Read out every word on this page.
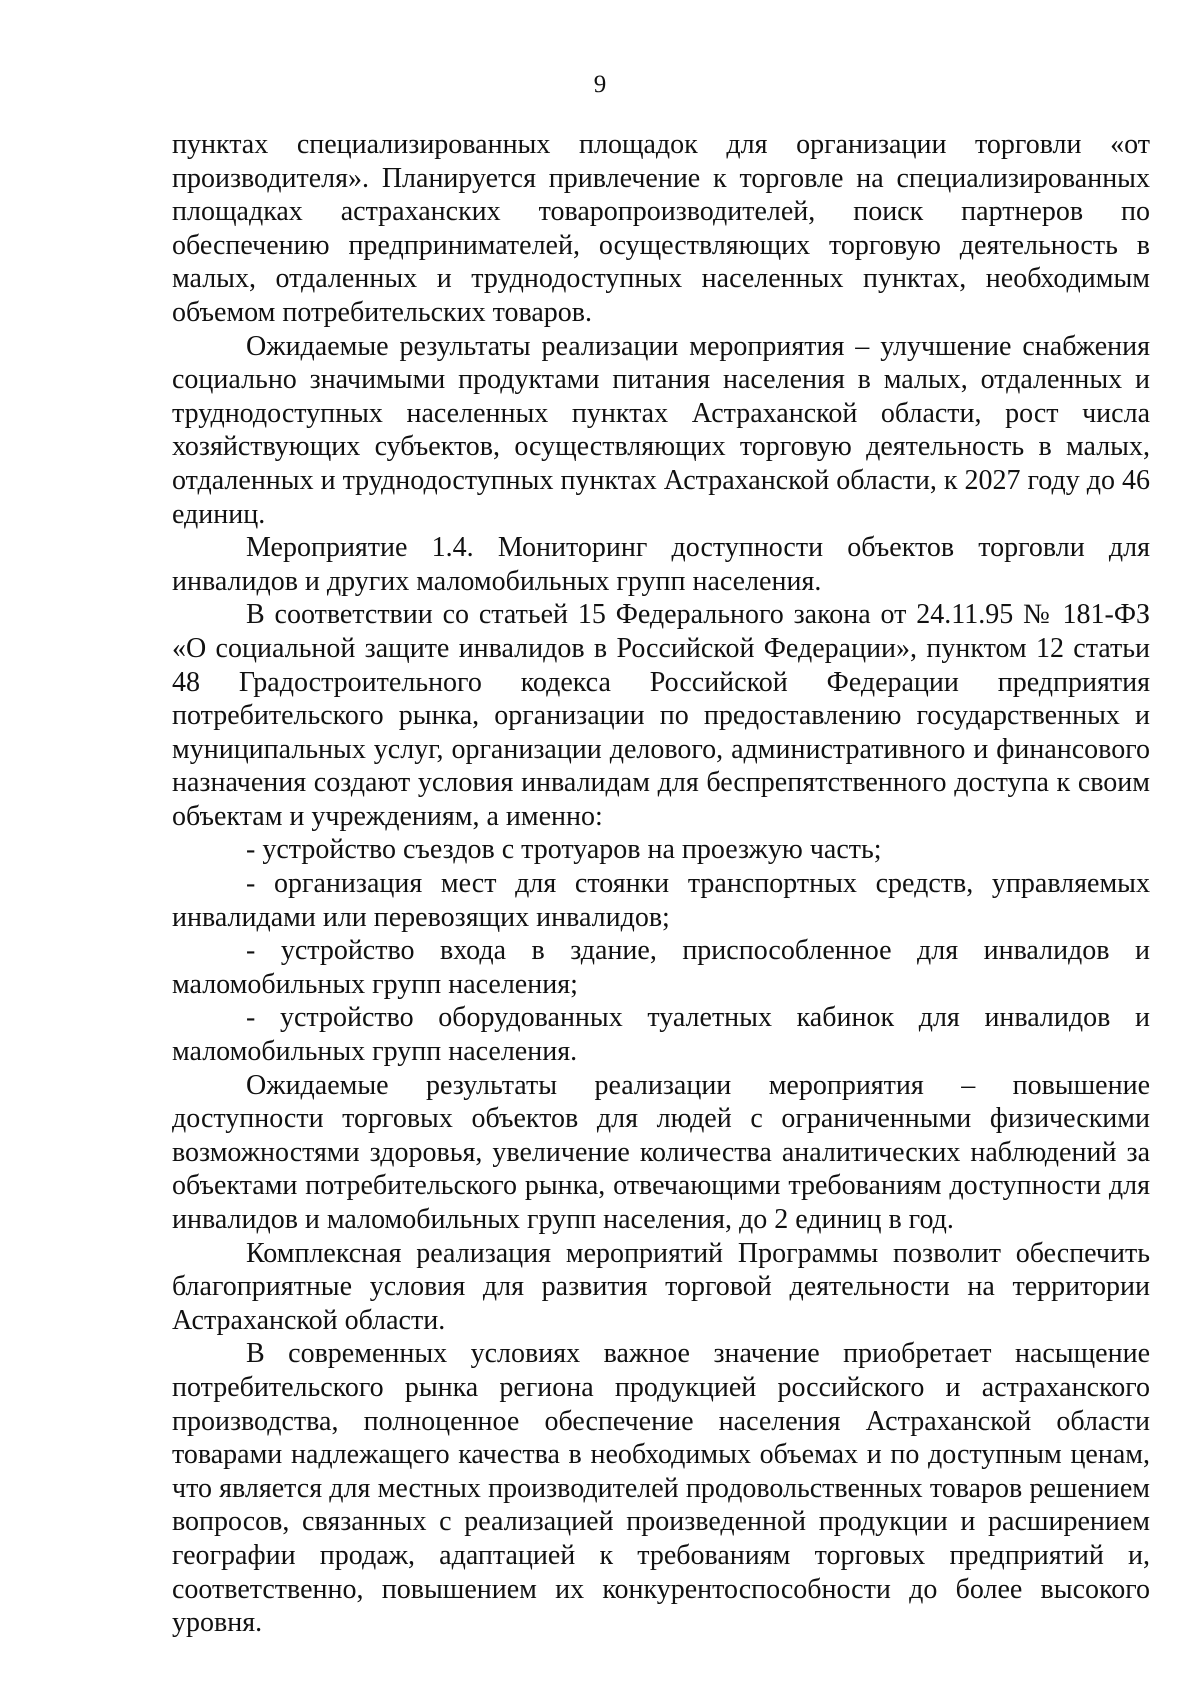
9

пунктах специализированных площадок для организации торговли «от производителя». Планируется привлечение к торговле на специализированных площадках астраханских товаропроизводителей, поиск партнеров по обеспечению предпринимателей, осуществляющих торговую деятельность в малых, отдаленных и труднодоступных населенных пунктах, необходимым объемом потребительских товаров.

Ожидаемые результаты реализации мероприятия – улучшение снабжения социально значимыми продуктами питания населения в малых, отдаленных и труднодоступных населенных пунктах Астраханской области, рост числа хозяйствующих субъектов, осуществляющих торговую деятельность в малых, отдаленных и труднодоступных пунктах Астраханской области, к 2027 году до 46 единиц.

Мероприятие 1.4. Мониторинг доступности объектов торговли для инвалидов и других маломобильных групп населения.

В соответствии со статьей 15 Федерального закона от 24.11.95 № 181-ФЗ «О социальной защите инвалидов в Российской Федерации», пунктом 12 статьи 48 Градостроительного кодекса Российской Федерации предприятия потребительского рынка, организации по предоставлению государственных и муниципальных услуг, организации делового, административного и финансового назначения создают условия инвалидам для беспрепятственного доступа к своим объектам и учреждениям, а именно:

- устройство съездов с тротуаров на проезжую часть;

- организация мест для стоянки транспортных средств, управляемых инвалидами или перевозящих инвалидов;

- устройство входа в здание, приспособленное для инвалидов и маломобильных групп населения;

- устройство оборудованных туалетных кабинок для инвалидов и маломобильных групп населения.

Ожидаемые результаты реализации мероприятия – повышение доступности торговых объектов для людей с ограниченными физическими возможностями здоровья, увеличение количества аналитических наблюдений за объектами потребительского рынка, отвечающими требованиям доступности для инвалидов и маломобильных групп населения, до 2 единиц в год.

Комплексная реализация мероприятий Программы позволит обеспечить благоприятные условия для развития торговой деятельности на территории Астраханской области.

В современных условиях важное значение приобретает насыщение потребительского рынка региона продукцией российского и астраханского производства, полноценное обеспечение населения Астраханской области товарами надлежащего качества в необходимых объемах и по доступным ценам, что является для местных производителей продовольственных товаров решением вопросов, связанных с реализацией произведенной продукции и расширением географии продаж, адаптацией к требованиям торговых предприятий и, соответственно, повышением их конкурентоспособности до более высокого уровня.
